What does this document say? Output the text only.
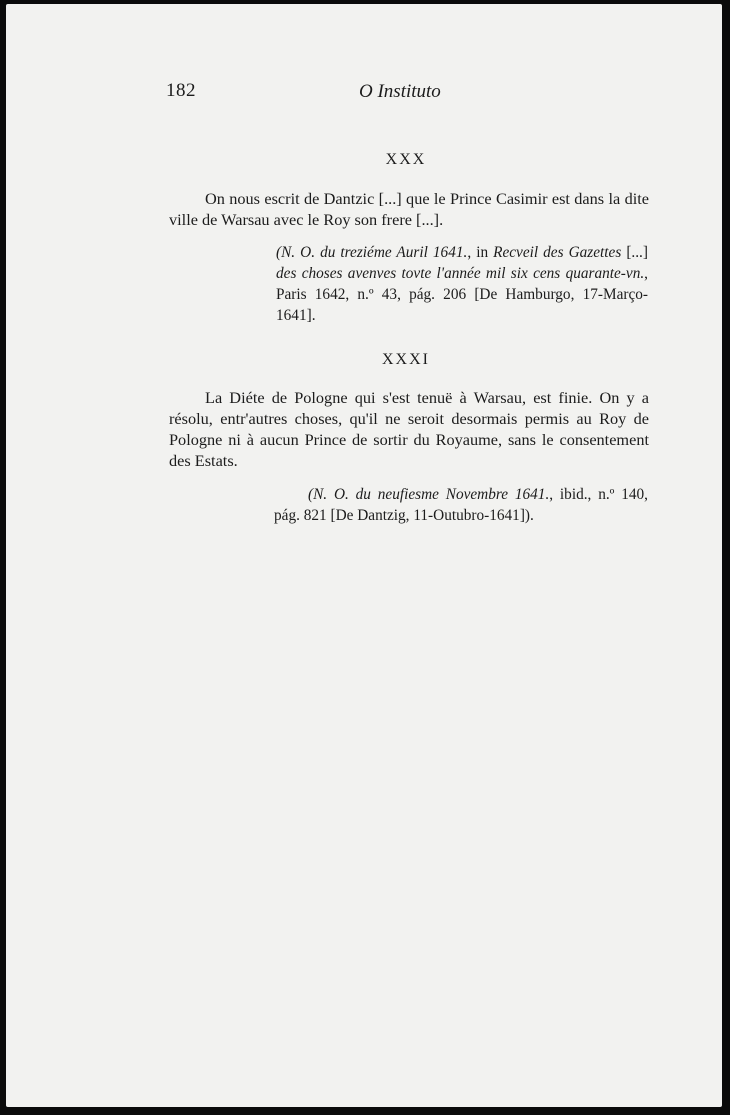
182	O Instituto
XXX
On nous escrit de Dantzic [...] que le Prince Casimir est dans la dite ville de Warsau avec le Roy son frere [...].
(N. O. du treziéme Auril 1641., in Recveil des Gazettes [...] des choses avenves tovte l'année mil six cens quarante-vn., Paris 1642, n.º 43, pág. 206 [De Hamburgo, 17-Março-1641].
XXXI
La Diéte de Pologne qui s'est tenuë à Warsau, est finie. On y a résolu, entr'autres choses, qu'il ne seroit desormais permis au Roy de Pologne ni à aucun Prince de sortir du Royaume, sans le consentement des Estats.
(N. O. du neufiesme Novembre 1641., ibid., n.º 140, pág. 821 [De Dantzig, 11-Outubro-1641]).
